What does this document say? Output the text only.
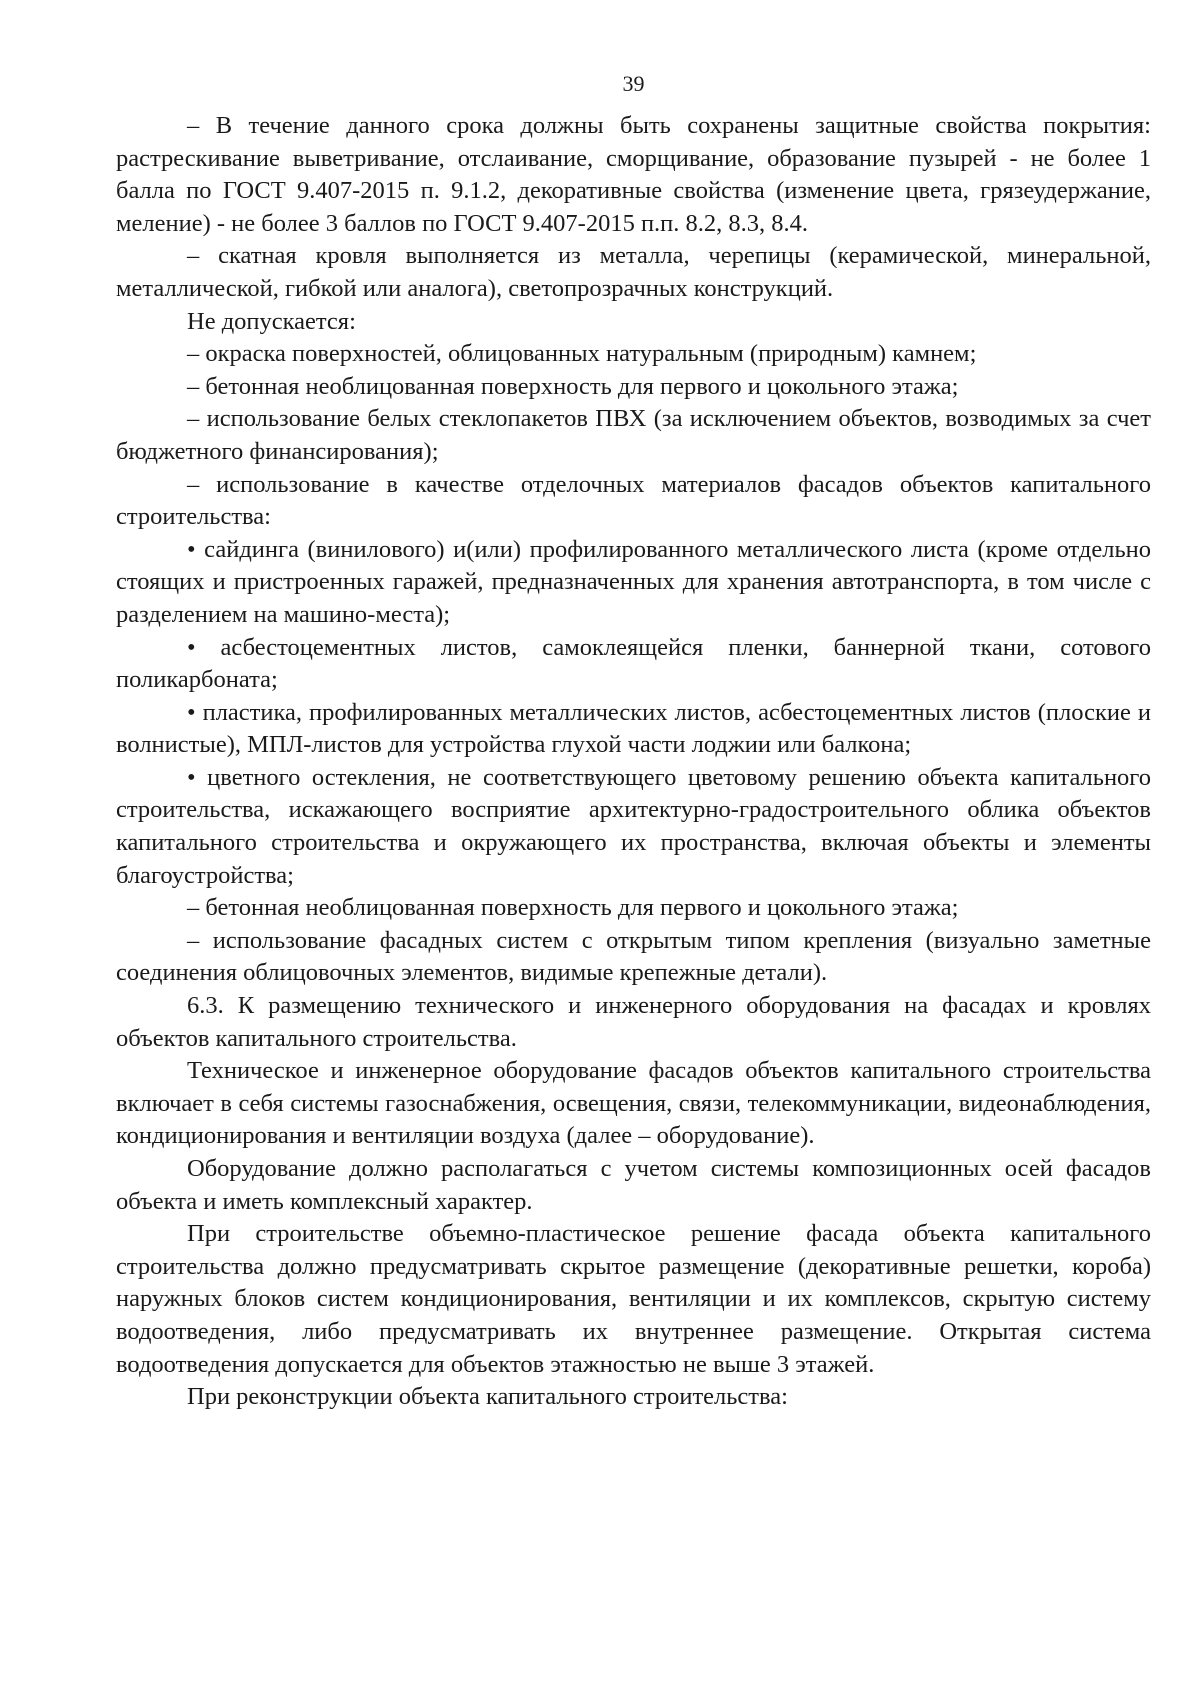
39

– В течение данного срока должны быть сохранены защитные свойства покрытия: растрескивание выветривание, отслаивание, сморщивание, образование пузырей - не более 1 балла по ГОСТ 9.407-2015 п. 9.1.2, декоративные свойства (изменение цвета, грязеудержание, меление) - не более 3 баллов по ГОСТ 9.407-2015 п.п. 8.2, 8.3, 8.4.

– скатная кровля выполняется из металла, черепицы (керамической, минеральной, металлической, гибкой или аналога), светопрозрачных конструкций.

Не допускается:

– окраска поверхностей, облицованных натуральным (природным) камнем;

– бетонная необлицованная поверхность для первого и цокольного этажа;

– использование белых стеклопакетов ПВХ (за исключением объектов, возводимых за счет бюджетного финансирования);

– использование в качестве отделочных материалов фасадов объектов капитального строительства:

• сайдинга (винилового) и(или) профилированного металлического листа (кроме отдельно стоящих и пристроенных гаражей, предназначенных для хранения автотранспорта, в том числе с разделением на машино-места);

• асбестоцементных листов, самоклеящейся пленки, баннерной ткани, сотового поликарбоната;

• пластика, профилированных металлических листов, асбестоцементных листов (плоские и волнистые), МПЛ-листов для устройства глухой части лоджии или балкона;

• цветного остекления, не соответствующего цветовому решению объекта капитального строительства, искажающего восприятие архитектурно-градостроительного облика объектов капитального строительства и окружающего их пространства, включая объекты и элементы благоустройства;

– бетонная необлицованная поверхность для первого и цокольного этажа;

– использование фасадных систем с открытым типом крепления (визуально заметные соединения облицовочных элементов, видимые крепежные детали).

6.3. К размещению технического и инженерного оборудования на фасадах и кровлях объектов капитального строительства.

Техническое и инженерное оборудование фасадов объектов капитального строительства включает в себя системы газоснабжения, освещения, связи, телекоммуникации, видеонаблюдения, кондиционирования и вентиляции воздуха (далее – оборудование).

Оборудование должно располагаться с учетом системы композиционных осей фасадов объекта и иметь комплексный характер.

При строительстве объемно-пластическое решение фасада объекта капитального строительства должно предусматривать скрытое размещение (декоративные решетки, короба) наружных блоков систем кондиционирования, вентиляции и их комплексов, скрытую систему водоотведения, либо предусматривать их внутреннее размещение. Открытая система водоотведения допускается для объектов этажностью не выше 3 этажей.

При реконструкции объекта капитального строительства:
